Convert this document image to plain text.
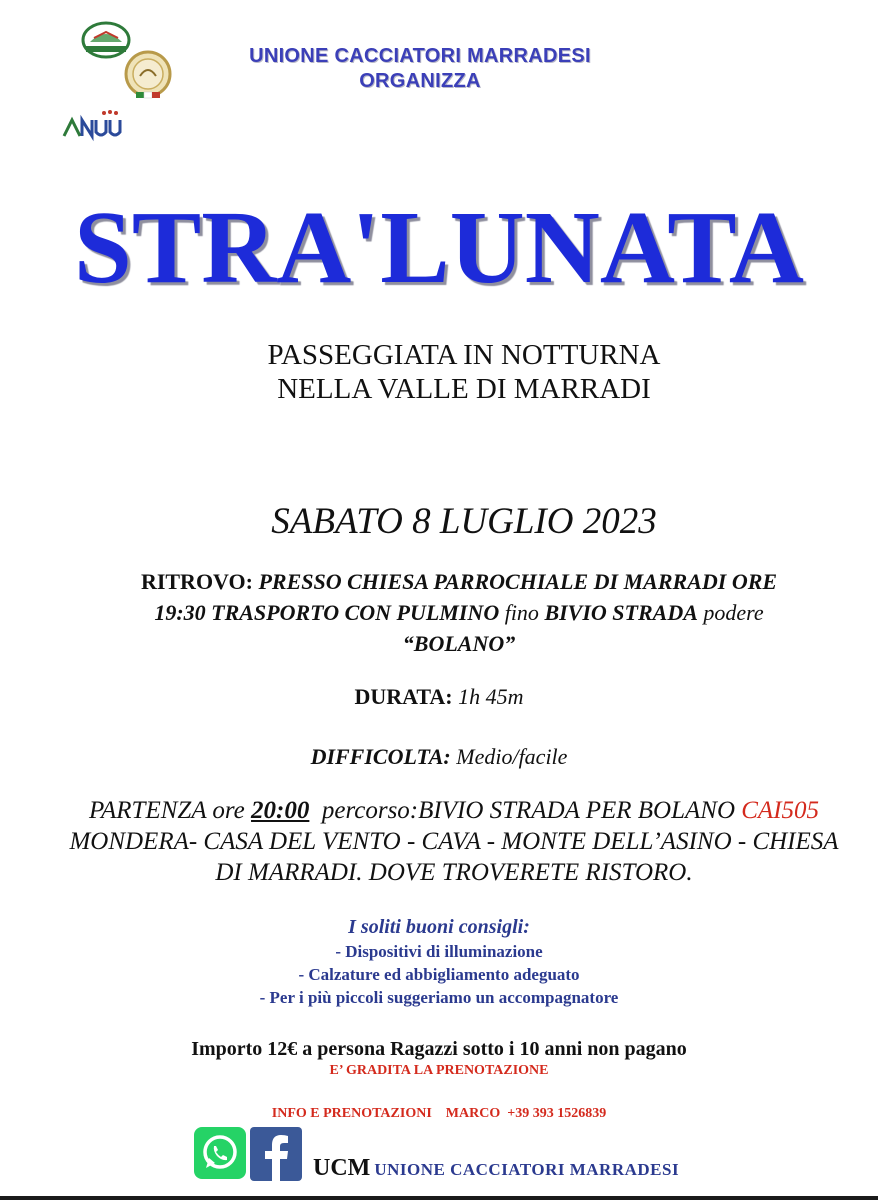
UNIONE CACCIATORI MARRADESI
ORGANIZZA
STRA'LUNATA
PASSEGGIATA IN NOTTURNA
NELLA VALLE DI MARRADI
SABATO 8 LUGLIO 2023
RITROVO: PRESSO CHIESA PARROCHIALE DI MARRADI ORE
19:30 TRASPORTO CON PULMINO fino BIVIO STRADA podere
“BOLANO”
DURATA: 1h 45m
DIFFICOLTA: Medio/facile
PARTENZA ore 20:00 percorso:BIVIO STRADA PER BOLANO CAI505
MONDERA- CASA DEL VENTO - CAVA - MONTE DELL’ASINO - CHIESA
DI MARRADI. DOVE TROVERETE RISTORO.
I soliti buoni consigli:
- Dispositivi di illuminazione
- Calzature ed abbigliamento adeguato
- Per i più piccoli suggeriamo un accompagnatore
Importo 12€ a persona Ragazzi sotto i 10 anni non pagano
E’ GRADITA LA PRENOTAZIONE
INFO E PRENOTAZIONI    MARCO  +39 393 1526839
UCM UNIONE CACCIATORI MARRADESI
